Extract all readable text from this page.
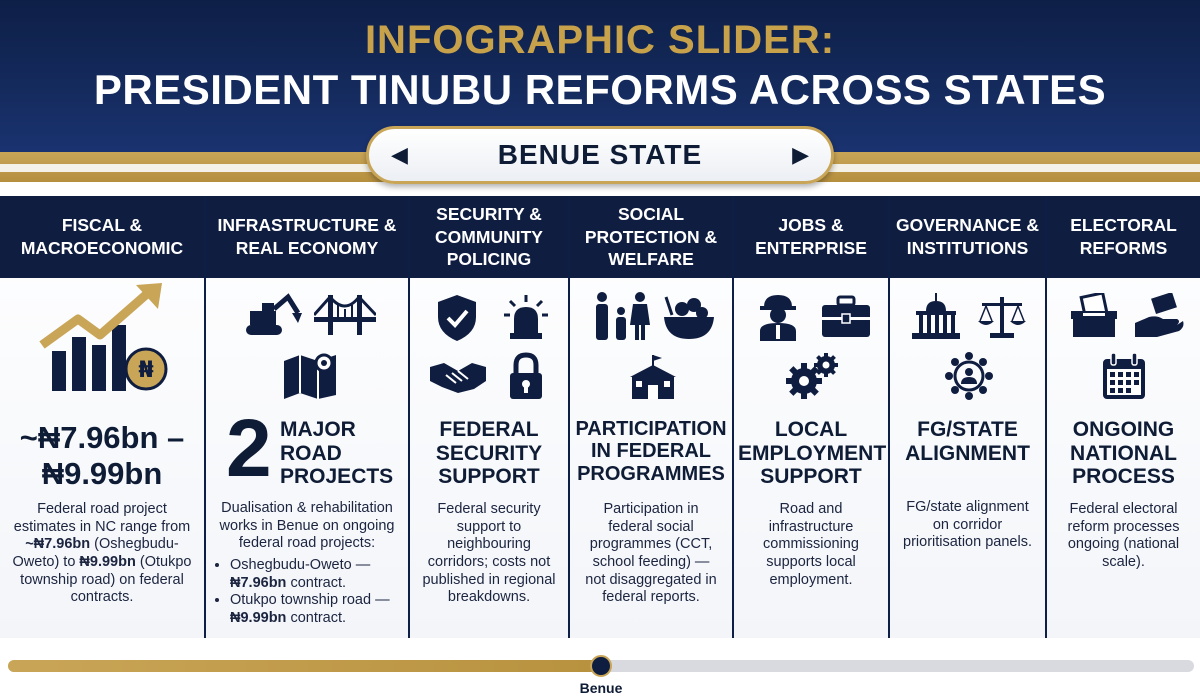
INFOGRAPHIC SLIDER:
PRESIDENT TINUBU REFORMS ACROSS STATES
◀	BENUE STATE	▶
FISCAL & MACROECONOMIC
₦
~₦7.96bn –
₦9.99bn
Federal road project estimates in NC range from ~₦7.96bn (Oshegbudu-Oweto) to ₦9.99bn (Otukpo township road) on federal contracts.
INFRASTRUCTURE & REAL ECONOMY
2 MAJOR ROAD PROJECTS
Dualisation & rehabilitation works in Benue on ongoing federal road projects:
• Oshegbudu-Oweto — ₦7.96bn contract.
• Otukpo township road — ₦9.99bn contract.
SECURITY & COMMUNITY POLICING
FEDERAL SECURITY SUPPORT
Federal security support to neighbouring corridors; costs not published in regional breakdowns.
SOCIAL PROTECTION & WELFARE
PARTICIPATION IN FEDERAL PROGRAMMES
Participation in federal social programmes (CCT, school feeding) — not disaggregated in federal reports.
JOBS & ENTERPRISE
LOCAL EMPLOYMENT SUPPORT
Road and infrastructure commissioning supports local employment.
GOVERNANCE & INSTITUTIONS
FG/STATE ALIGNMENT
FG/state alignment on corridor prioritisation panels.
ELECTORAL REFORMS
ONGOING NATIONAL PROCESS
Federal electoral reform processes ongoing (national scale).
Benue
